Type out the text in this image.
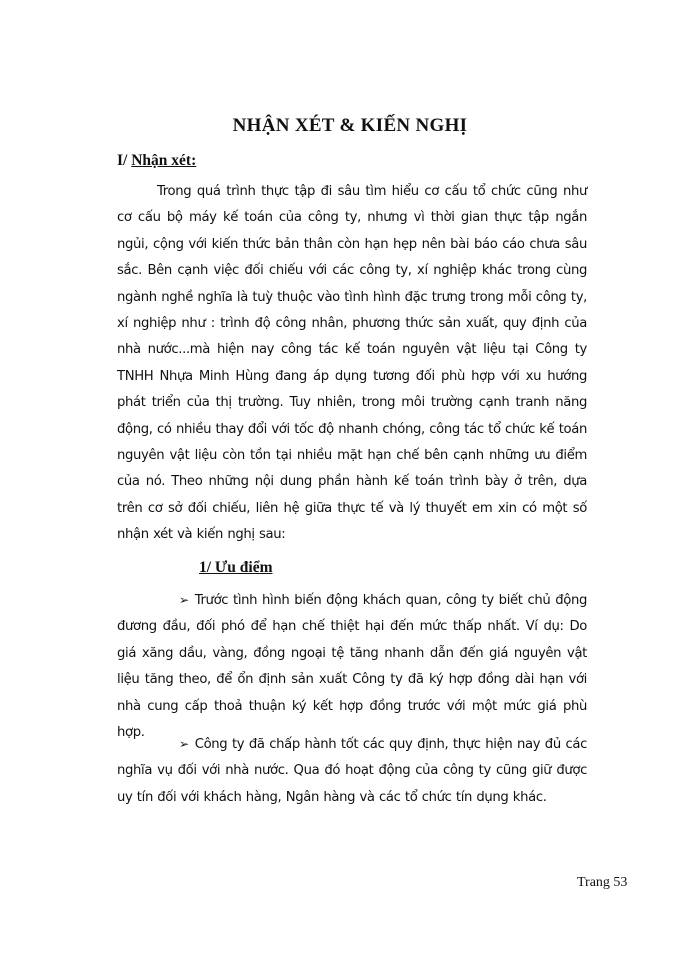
NHẬN XÉT & KIẾN NGHỊ
I/ Nhận xét:

Trong quá trình thực tập đi sâu tìm hiểu cơ cấu tổ chức cũng như cơ cấu bộ máy kế toán của công ty, nhưng vì thời gian thực tập ngắn ngủi, cộng với kiến thức bản thân còn hạn hẹp nên bài báo cáo chưa sâu sắc. Bên cạnh việc đối chiếu với các công ty, xí nghiệp khác trong cùng ngành nghề nghĩa là tuỳ thuộc vào tình hình đặc trưng trong mỗi công ty, xí nghiệp như : trình độ công nhân, phương thức sản xuất, quy định của nhà nước...mà hiện nay công tác kế toán nguyên vật liệu tại Công ty TNHH Nhựa Minh Hùng đang áp dụng tương đối phù hợp với xu hướng phát triển của thị trường. Tuy nhiên, trong môi trường cạnh tranh năng động, có nhiều thay đổi với tốc độ nhanh chóng, công tác tổ chức kế toán nguyên vật liệu còn tồn tại nhiều mặt hạn chế bên cạnh những ưu điểm của nó. Theo những nội dung phần hành kế toán trình bày ở trên, dựa trên cơ sở đối chiếu, liên hệ giữa thực tế và lý thuyết em xin có một số nhận xét và kiến nghị sau:

1/ Ưu điểm

➢ Trước tình hình biến động khách quan, công ty biết chủ động đương đầu, đối phó để hạn chế thiệt hại đến mức thấp nhất. Ví dụ: Do giá xăng dầu, vàng, đồng ngoại tệ tăng nhanh dẫn đến giá nguyên vật liệu tăng theo, để ổn định sản xuất Công ty đã ký hợp đồng dài hạn với nhà cung cấp thoả thuận ký kết hợp đồng trước với một mức giá phù hợp.

➢ Công ty đã chấp hành tốt các quy định, thực hiện nay đủ các nghĩa vụ đối với nhà nước. Qua đó hoạt động của công ty cũng giữ được uy tín đối với khách hàng, Ngân hàng và các tổ chức tín dụng khác.

Trang 53
